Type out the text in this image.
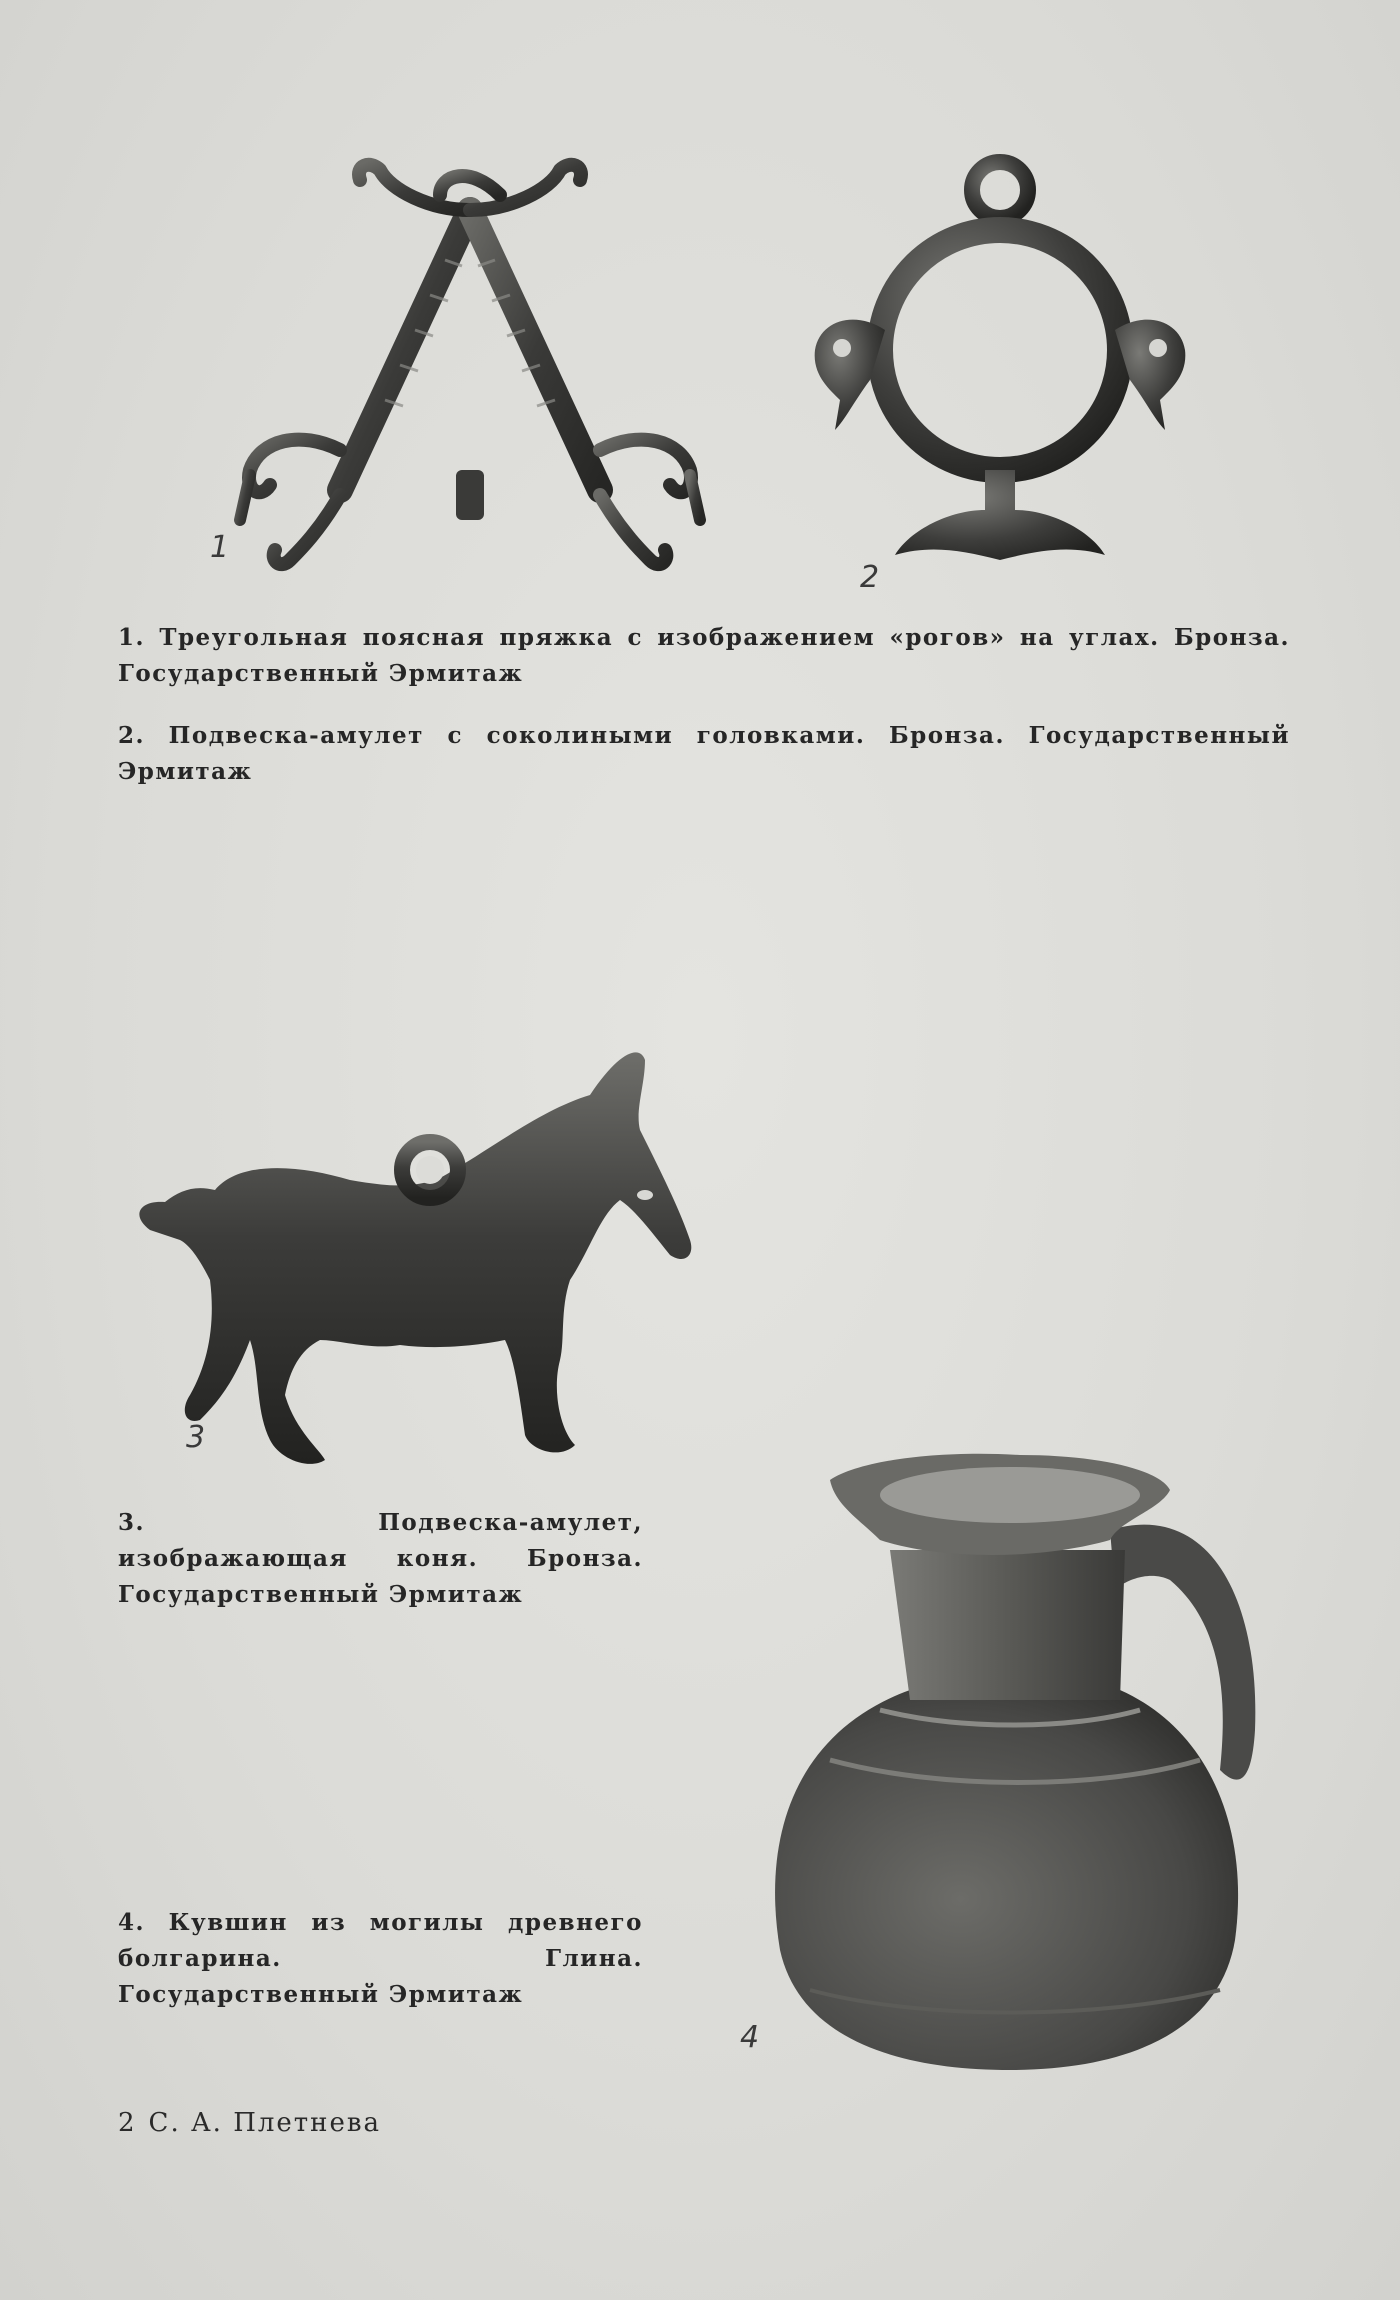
1
2
1. Треугольная поясная пряжка с изображением «рогов» на углах. Бронза. Государственный Эрмитаж
2. Подвеска-амулет с соколиными головками. Бронза. Государственный Эрмитаж
3
3. Подвеска-амулет, изображающая коня. Бронза. Государственный Эрмитаж
4
4. Кувшин из могилы древнего болгарина. Глина. Государственный Эрмитаж
2 С. А. Плетнева
